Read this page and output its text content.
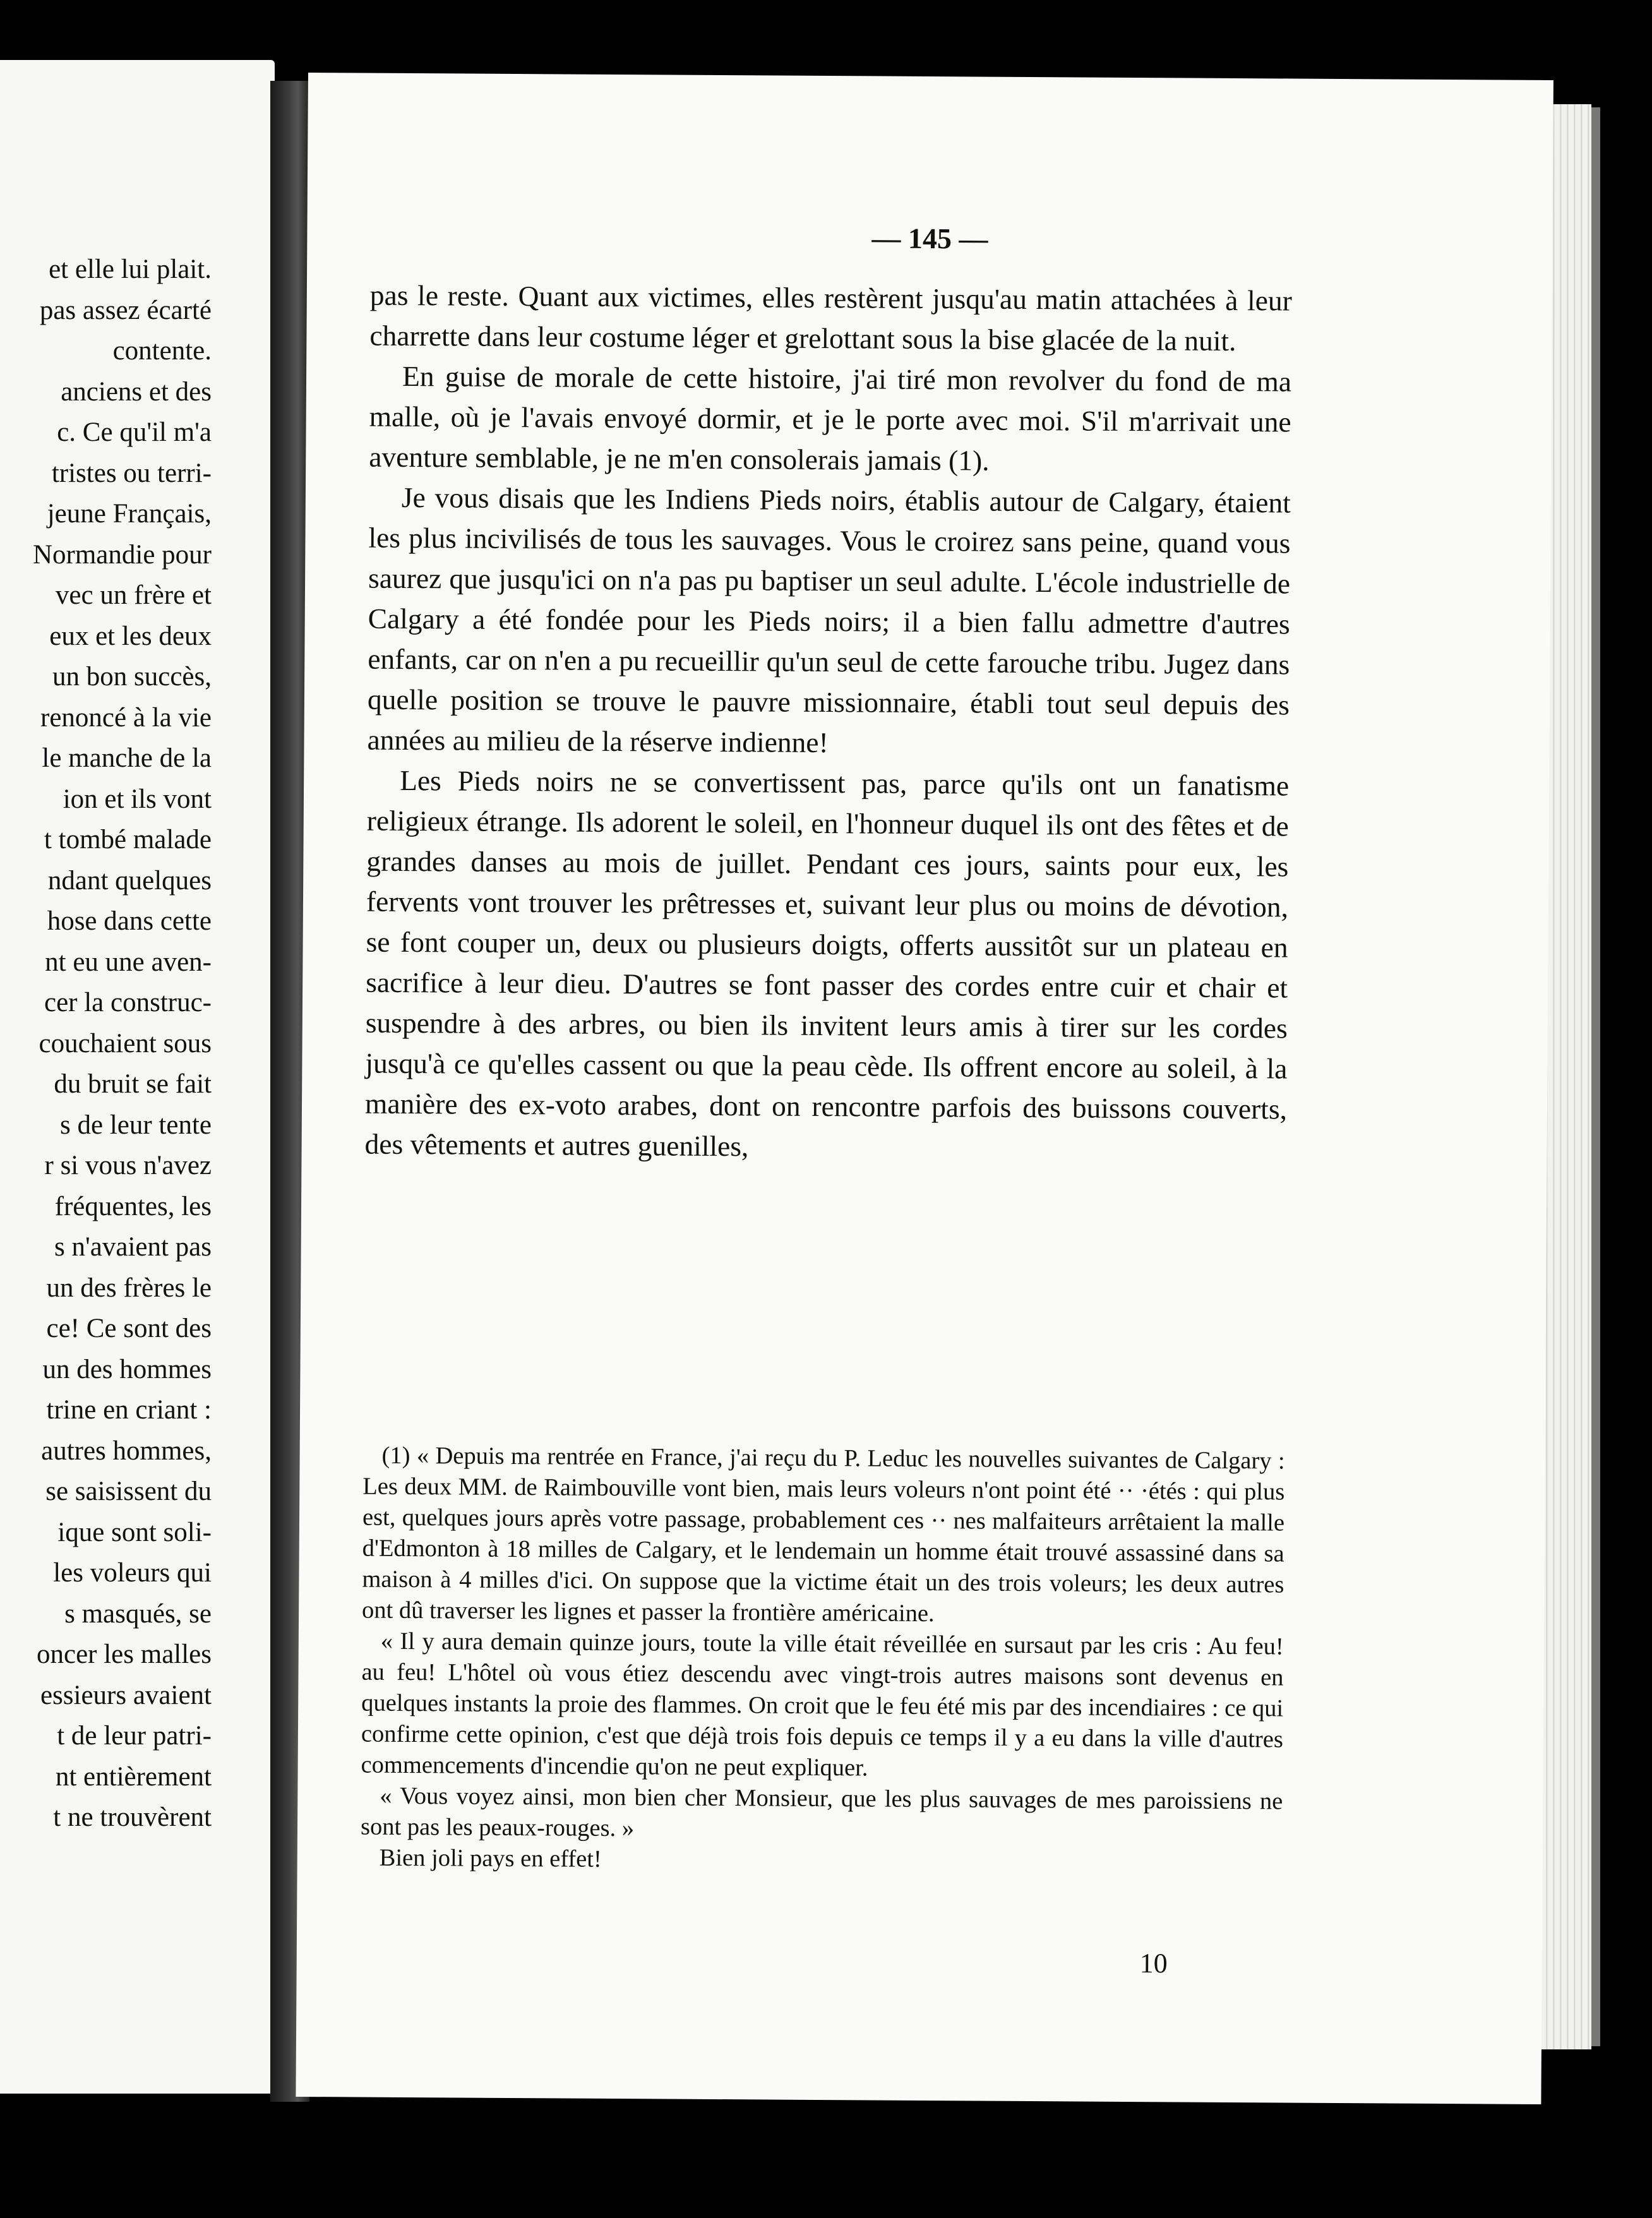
et elle lui plait.
pas assez écarté
contente.
anciens et des
c. Ce qu'il m'a
tristes ou terri-
jeune Français,
Normandie pour
vec un frère et
eux et les deux
un bon succès,
renoncé à la vie
le manche de la
ion et ils vont
t tombé malade
ndant quelques
hose dans cette
nt eu une aven-
cer la construc-
couchaient sous
du bruit se fait
s de leur tente
r si vous n'avez
fréquentes, les
s n'avaient pas
un des frères le
ce! Ce sont des
un des hommes
trine en criant :
autres hommes,
se saisissent du
ique sont soli-
les voleurs qui
s masqués, se
oncer les malles
essieurs avaient
t de leur patri-
nt entièrement
t ne trouvèrent
— 145 —

pas le reste. Quant aux victimes, elles restèrent jusqu'au matin attachées à leur charrette dans leur costume léger et grelottant sous la bise glacée de la nuit.

En guise de morale de cette histoire, j'ai tiré mon revolver du fond de ma malle, où je l'avais envoyé dormir, et je le porte avec moi. S'il m'arrivait une aventure semblable, je ne m'en consolerais jamais (1).

Je vous disais que les Indiens Pieds noirs, établis autour de Calgary, étaient les plus incivilisés de tous les sauvages. Vous le croirez sans peine, quand vous saurez que jusqu'ici on n'a pas pu baptiser un seul adulte. L'école industrielle de Calgary a été fondée pour les Pieds noirs; il a bien fallu admettre d'autres enfants, car on n'en a pu recueillir qu'un seul de cette farouche tribu. Jugez dans quelle position se trouve le pauvre missionnaire, établi tout seul depuis des années au milieu de la réserve indienne!

Les Pieds noirs ne se convertissent pas, parce qu'ils ont un fanatisme religieux étrange. Ils adorent le soleil, en l'honneur duquel ils ont des fêtes et de grandes danses au mois de juillet. Pendant ces jours, saints pour eux, les fervents vont trouver les prêtresses et, suivant leur plus ou moins de dévotion, se font couper un, deux ou plusieurs doigts, offerts aussitôt sur un plateau en sacrifice à leur dieu. D'autres se font passer des cordes entre cuir et chair et suspendre à des arbres, ou bien ils invitent leurs amis à tirer sur les cordes jusqu'à ce qu'elles cassent ou que la peau cède. Ils offrent encore au soleil, à la manière des ex-voto arabes, dont on rencontre parfois des buissons couverts, des vêtements et autres guenilles,

(1) « Depuis ma rentrée en France, j'ai reçu du P. Leduc les nouvelles suivantes de Calgary : Les deux MM. de Raimbouville vont bien, mais leurs voleurs n'ont point été ·· ·étés : qui plus est, quelques jours après votre passage, probablement ces ·· nes malfaiteurs arrêtaient la malle d'Edmonton à 18 milles de Calgary, et le lendemain un homme était trouvé assassiné dans sa maison à 4 milles d'ici. On suppose que la victime était un des trois voleurs; les deux autres ont dû traverser les lignes et passer la frontière américaine.

« Il y aura demain quinze jours, toute la ville était réveillée en sursaut par les cris : Au feu! au feu! L'hôtel où vous étiez descendu avec vingt-trois autres maisons sont devenus en quelques instants la proie des flammes. On croit que le feu été mis par des incendiaires : ce qui confirme cette opinion, c'est que déjà trois fois depuis ce temps il y a eu dans la ville d'autres commencements d'incendie qu'on ne peut expliquer.

« Vous voyez ainsi, mon bien cher Monsieur, que les plus sauvages de mes paroissiens ne sont pas les peaux-rouges. »

Bien joli pays en effet!

10
